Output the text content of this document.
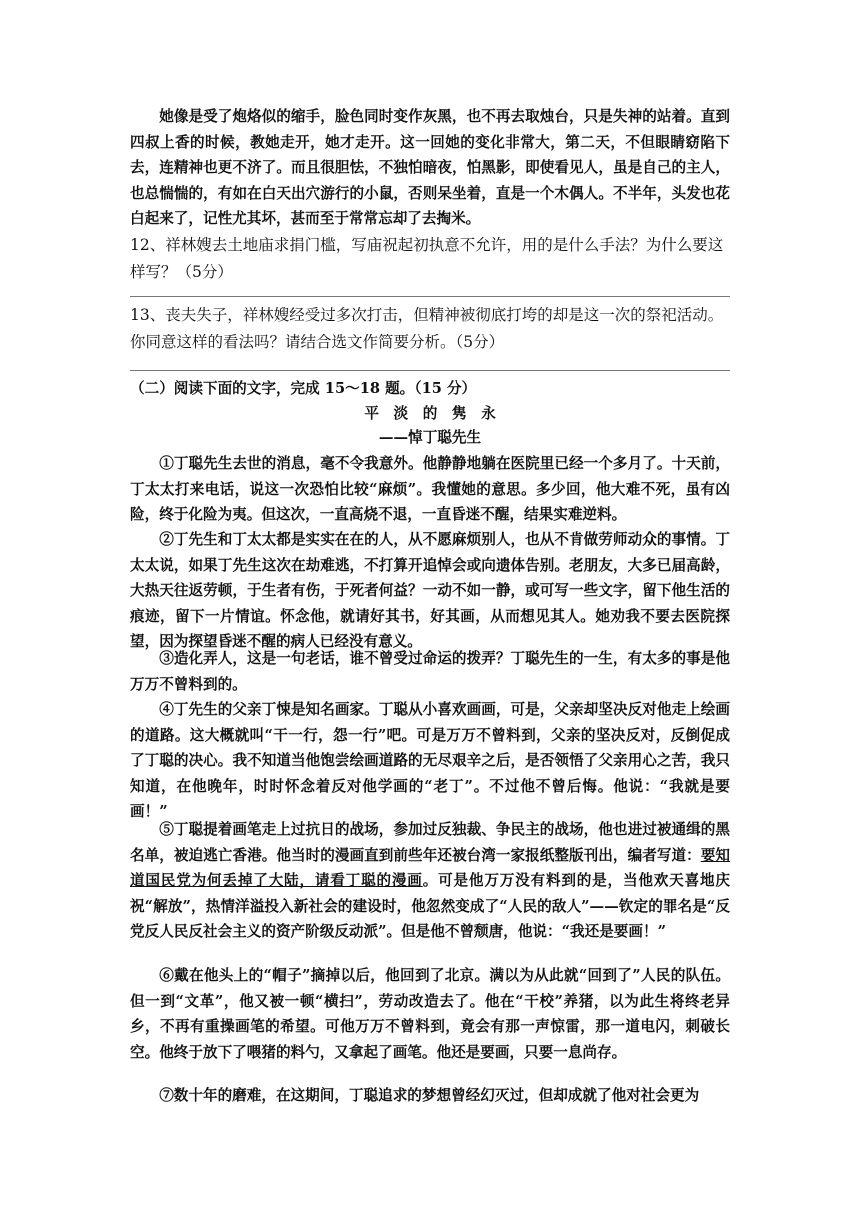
她像是受了炮烙似的缩手，脸色同时变作灰黑，也不再去取烛台，只是失神的站着。直到四叔上香的时候，教她走开，她才走开。这一回她的变化非常大，第二天，不但眼睛窈陷下去，连精神也更不济了。而且很胆怯，不独怕暗夜，怕黑影，即使看见人，虽是自己的主人，也总惴惴的，有如在白天出穴游行的小鼠，否则呆坐着，直是一个木偶人。不半年，头发也花白起来了，记性尤其坏，甚而至于常常忘却了去掏米。

12、祥林嫂去土地庙求捐门槛，写庙祝起初执意不允许，用的是什么手法？为什么要这样写？（5分）

13、丧夫失子，祥林嫂经受过多次打击，但精神被彻底打垮的却是这一次的祭祀活动。你同意这样的看法吗？请结合选文作简要分析。（5分）

（二）阅读下面的文字，完成 15～18 题。（15 分）

平　淡　的　隽　永

——悼丁聪先生

①丁聪先生去世的消息，毫不令我意外。他静静地躺在医院里已经一个多月了。十天前，丁太太打来电话，说这一次恐怕比较“麻烦”。我懂她的意思。多少回，他大难不死，虽有凶险，终于化险为夷。但这次，一直高烧不退，一直昏迷不醒，结果实难逆料。

②丁先生和丁太太都是实实在在的人，从不愿麻烦别人，也从不肯做劳师动众的事情。丁太太说，如果丁先生这次在劫难逃，不打算开追悼会或向遗体告别。老朋友，大多已届高龄，大热天往返劳顿，于生者有伤，于死者何益？一动不如一静，或可写一些文字，留下他生活的痕迹，留下一片情谊。怀念他，就请好其书，好其画，从而想见其人。她劝我不要去医院探望，因为探望昏迷不醒的病人已经没有意义。

③造化弄人，这是一句老话，谁不曾受过命运的拨弄？丁聪先生的一生，有太多的事是他万万不曾料到的。

④丁先生的父亲丁悚是知名画家。丁聪从小喜欢画画，可是，父亲却坚决反对他走上绘画的道路。这大概就叫“干一行，怨一行”吧。可是万万不曾料到，父亲的坚决反对，反倒促成了丁聪的决心。我不知道当他饱尝绘画道路的无尽艰辛之后，是否领悟了父亲用心之苦，我只知道，在他晚年，时时怀念着反对他学画的“老丁”。不过他不曾后悔。他说：“我就是要画！”

⑤丁聪提着画笔走上过抗日的战场，参加过反独裁、争民主的战场，他也进过被通缉的黑名单，被迫逃亡香港。他当时的漫画直到前些年还被台湾一家报纸整版刊出，编者写道：要知道国民党为何丢掉了大陆，请看丁聪的漫画。可是他万万没有料到的是，当他欢天喜地庆祝“解放”，热情洋溢投入新社会的建设时，他忽然变成了“人民的敌人”——钦定的罪名是“反党反人民反社会主义的资产阶级反动派”。但是他不曾颓唐，他说：“我还是要画！”

⑥戴在他头上的“帽子”摘掉以后，他回到了北京。满以为从此就“回到了”人民的队伍。但一到“文革”，他又被一顿“横扫”，劳动改造去了。他在“干校”养猪，以为此生将终老异乡，不再有重操画笔的希望。可他万万不曾料到，竟会有那一声惊雷，那一道电闪，刺破长空。他终于放下了喂猪的料勺，又拿起了画笔。他还是要画，只要一息尚存。

⑦数十年的磨难，在这期间，丁聪追求的梦想曾经幻灭过，但却成就了他对社会更为
